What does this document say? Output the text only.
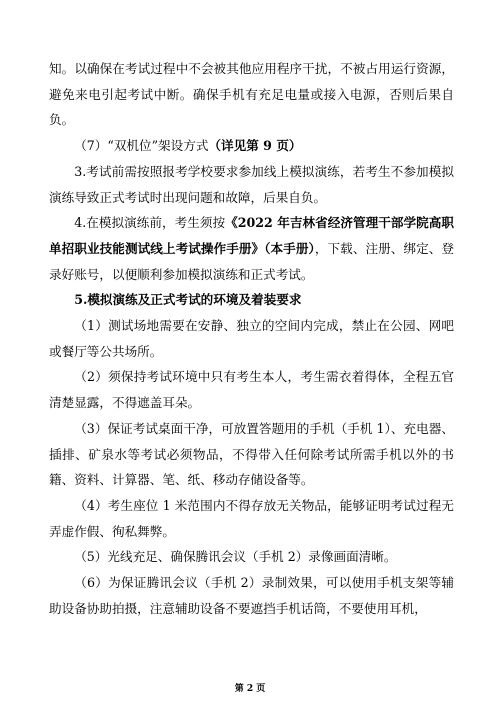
知。以确保在考试过程中不会被其他应用程序干扰，不被占用运行资源，避免来电引起考试中断。确保手机有充足电量或接入电源，否则后果自负。

（7）“双机位”架设方式（详见第 9 页）

3.考试前需按照报考学校要求参加线上模拟演练，若考生不参加模拟演练导致正式考试时出现问题和故障，后果自负。

4.在模拟演练前，考生须按《2022 年吉林省经济管理干部学院高职单招职业技能测试线上考试操作手册》（本手册），下载、注册、绑定、登录好账号，以便顺利参加模拟演练和正式考试。

5.模拟演练及正式考试的环境及着装要求

（1）测试场地需要在安静、独立的空间内完成，禁止在公园、网吧或餐厅等公共场所。

（2）须保持考试环境中只有考生本人，考生需衣着得体，全程五官清楚显露，不得遮盖耳朵。

（3）保证考试桌面干净，可放置答题用的手机（手机 1）、充电器、插排、矿泉水等考试必须物品，不得带入任何除考试所需手机以外的书籍、资料、计算器、笔、纸、移动存储设备等。

（4）考生座位 1 米范围内不得存放无关物品，能够证明考试过程无弄虚作假、徇私舞弊。

（5）光线充足、确保腾讯会议（手机 2）录像画面清晰。

（6）为保证腾讯会议（手机 2）录制效果，可以使用手机支架等辅助设备协助拍摄，注意辅助设备不要遮挡手机话筒，不要使用耳机，

第 2 页
